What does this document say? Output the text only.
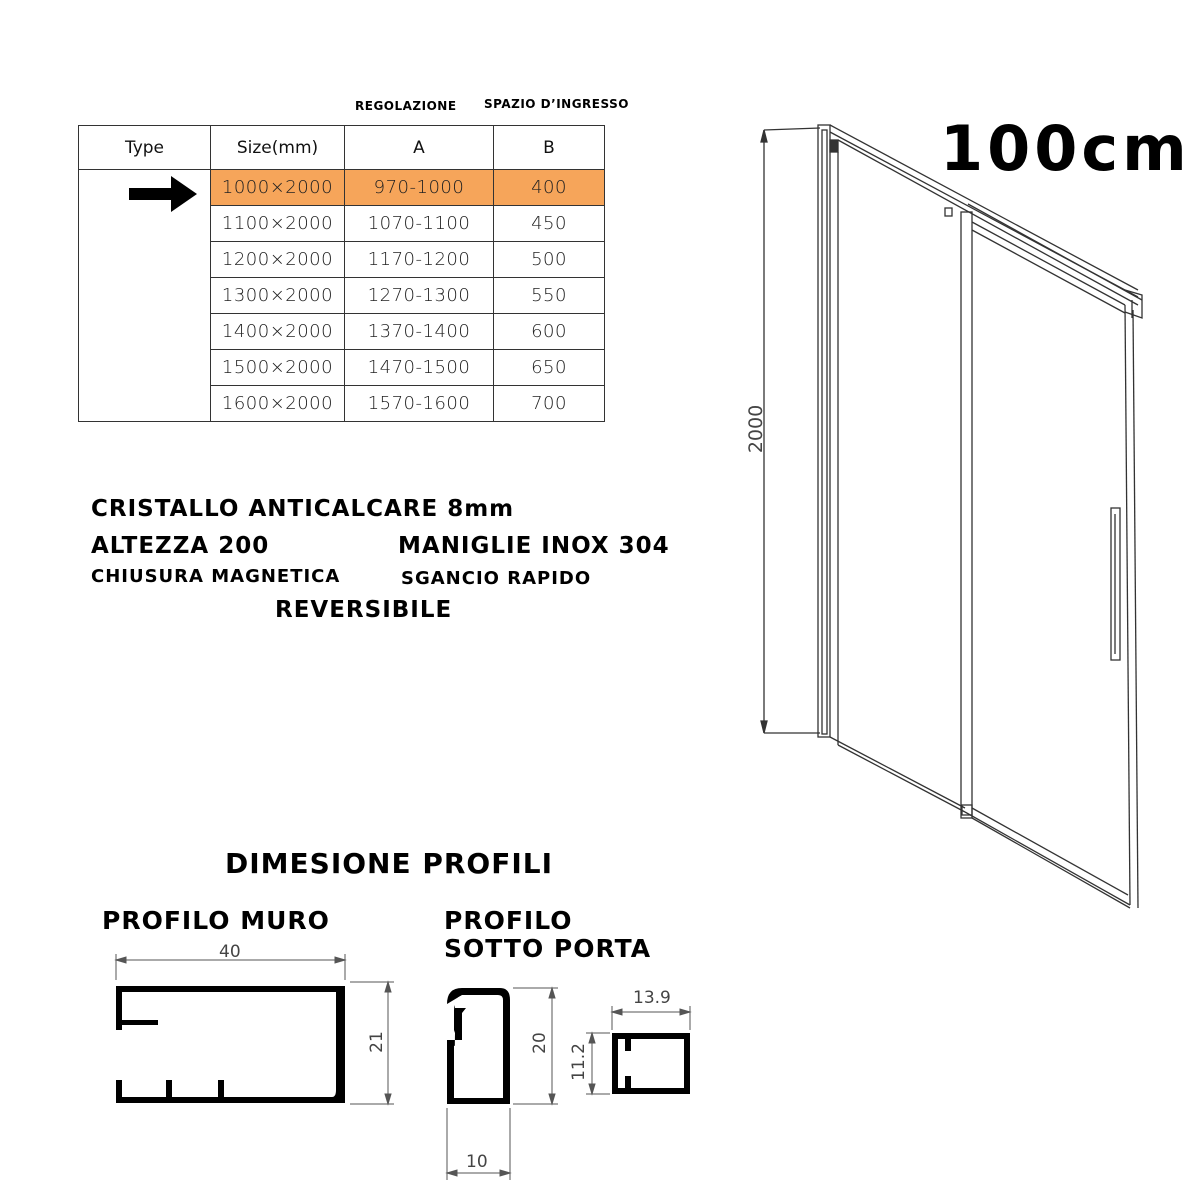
REGOLAZIONE SPAZIO D’INGRESSO
Type	Size(mm)	A	B

	1000×2000	970-1000	400
	1100×2000	1070-1100	450
	1200×2000	1170-1200	500
	1300×2000	1270-1300	550
	1400×2000	1370-1400	600
	1500×2000	1470-1500	650
	1600×2000	1570-1600	700
100cm
CRISTALLO ANTICALCARE 8mm
ALTEZZA 200	MANIGLIE INOX 304
CHIUSURA MAGNETICA	SGANCIO RAPIDO
REVERSIBILE
DIMESIONE PROFILI
PROFILO MURO	PROFILO
SOTTO PORTA
2000
40
21	20
10
13.9
11.2
